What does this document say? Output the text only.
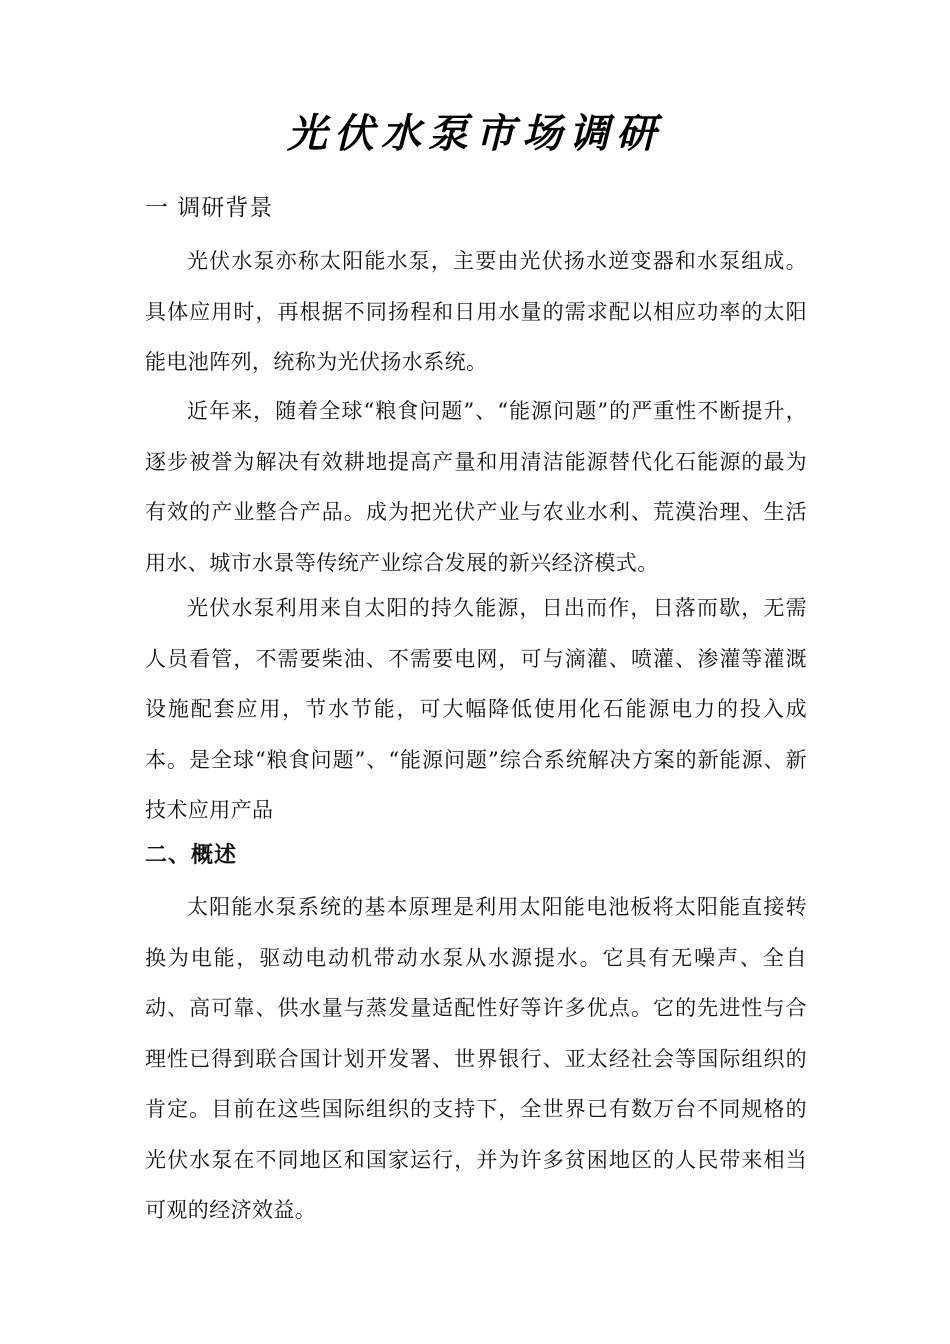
光伏水泵市场调研
一 调研背景
光伏水泵亦称太阳能水泵，主要由光伏扬水逆变器和水泵组成。具体应用时，再根据不同扬程和日用水量的需求配以相应功率的太阳能电池阵列，统称为光伏扬水系统。
近年来，随着全球“粮食问题”、“能源问题”的严重性不断提升，逐步被誉为解决有效耕地提高产量和用清洁能源替代化石能源的最为有效的产业整合产品。成为把光伏产业与农业水利、荒漠治理、生活用水、城市水景等传统产业综合发展的新兴经济模式。
光伏水泵利用来自太阳的持久能源，日出而作，日落而歇，无需人员看管，不需要柴油、不需要电网，可与滴灌、喷灌、渗灌等灌溉设施配套应用，节水节能，可大幅降低使用化石能源电力的投入成本。是全球“粮食问题”、“能源问题”综合系统解决方案的新能源、新技术应用产品
二、概述
太阳能水泵系统的基本原理是利用太阳能电池板将太阳能直接转换为电能，驱动电动机带动水泵从水源提水。它具有无噪声、全自动、高可靠、供水量与蒸发量适配性好等许多优点。它的先进性与合理性已得到联合国计划开发署、世界银行、亚太经社会等国际组织的肯定。目前在这些国际组织的支持下，全世界已有数万台不同规格的光伏水泵在不同地区和国家运行，并为许多贫困地区的人民带来相当可观的经济效益。
